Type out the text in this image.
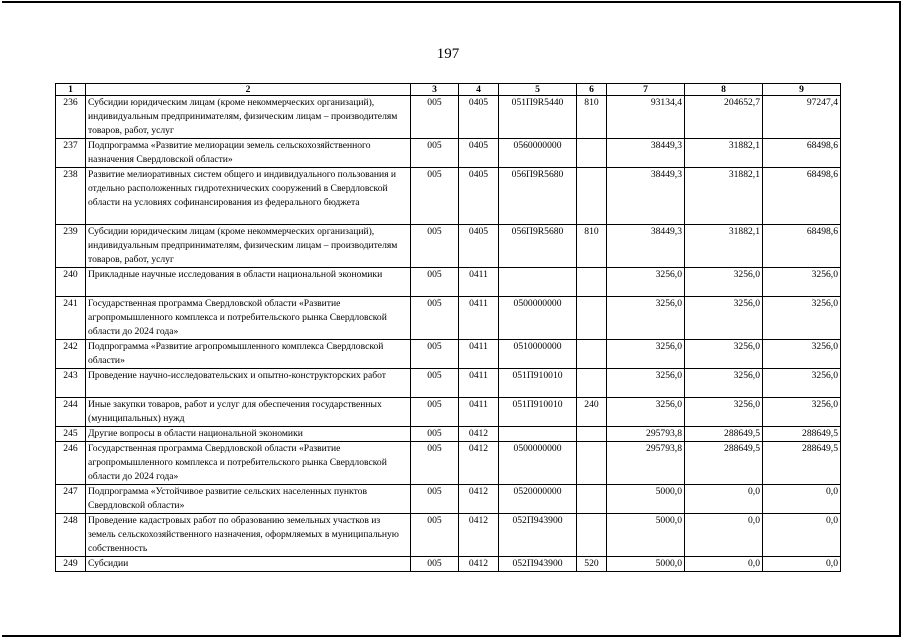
197
1	2	3	4	5	6	7	8	9
236	Субсидии юридическим лицам (кроме некоммерческих организаций), индивидуальным предпринимателям, физическим лицам – производителям товаров, работ, услуг	005	0405	051П9R5440	810	93134,4	204652,7	97247,4
237	Подпрограмма «Развитие мелиорации земель сельскохозяйственного назначения Свердловской области»	005	0405	0560000000		38449,3	31882,1	68498,6
238	Развитие мелиоративных систем общего и индивидуального пользования и отдельно расположенных гидротехнических сооружений в Свердловской области на условиях софинансирования из федерального бюджета	005	0405	056П9R5680		38449,3	31882,1	68498,6
239	Субсидии юридическим лицам (кроме некоммерческих организаций), индивидуальным предпринимателям, физическим лицам – производителям товаров, работ, услуг	005	0405	056П9R5680	810	38449,3	31882,1	68498,6
240	Прикладные научные исследования в области национальной экономики	005	0411			3256,0	3256,0	3256,0
241	Государственная программа Свердловской области «Развитие агропромышленного комплекса и потребительского рынка Свердловской области до 2024 года»	005	0411	0500000000		3256,0	3256,0	3256,0
242	Подпрограмма «Развитие агропромышленного комплекса Свердловской области»	005	0411	0510000000		3256,0	3256,0	3256,0
243	Проведение научно-исследовательских и опытно-конструкторских работ	005	0411	051П910010		3256,0	3256,0	3256,0
244	Иные закупки товаров, работ и услуг для обеспечения государственных (муниципальных) нужд	005	0411	051П910010	240	3256,0	3256,0	3256,0
245	Другие вопросы в области национальной экономики	005	0412			295793,8	288649,5	288649,5
246	Государственная программа Свердловской области «Развитие агропромышленного комплекса и потребительского рынка Свердловской области до 2024 года»	005	0412	0500000000		295793,8	288649,5	288649,5
247	Подпрограмма «Устойчивое развитие сельских населенных пунктов Свердловской области»	005	0412	0520000000		5000,0	0,0	0,0
248	Проведение кадастровых работ по образованию земельных участков из земель сельскохозяйственного назначения, оформляемых в муниципальную собственность	005	0412	052П943900		5000,0	0,0	0,0
249	Субсидии	005	0412	052П943900	520	5000,0	0,0	0,0
